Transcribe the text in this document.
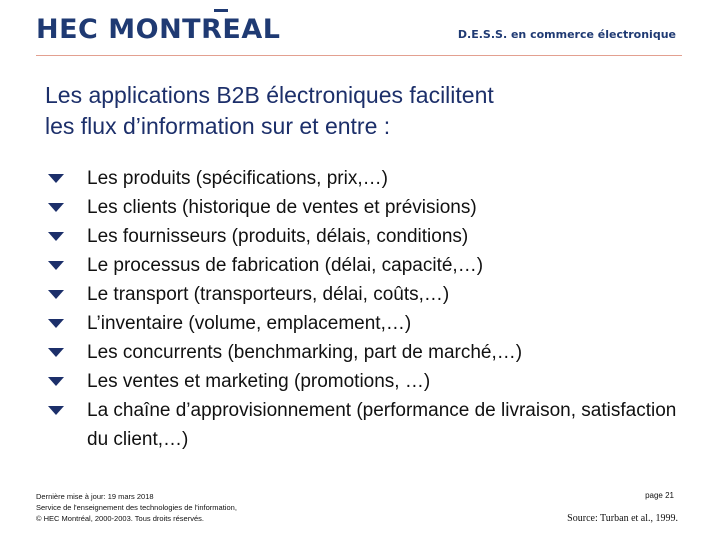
HEC MONTREAL	D.E.S.S. en commerce électronique
Les applications B2B électroniques facilitent
les flux d’information sur et entre :
Les produits (spécifications, prix,…)
Les clients (historique de ventes et prévisions)
Les fournisseurs (produits, délais, conditions)
Le processus de fabrication (délai, capacité,…)
Le transport (transporteurs, délai, coûts,…)
L’inventaire (volume, emplacement,…)
Les concurrents (benchmarking, part de marché,…)
Les ventes et marketing (promotions, …)
La chaîne d’approvisionnement (performance de livraison, satisfaction du client,…)
Dernière mise à jour: 19 mars 2018
Service de l'enseignement des technologies de l'information,
© HEC Montréal, 2000-2003. Tous droits réservés.
page 21
Source: Turban et al., 1999.
